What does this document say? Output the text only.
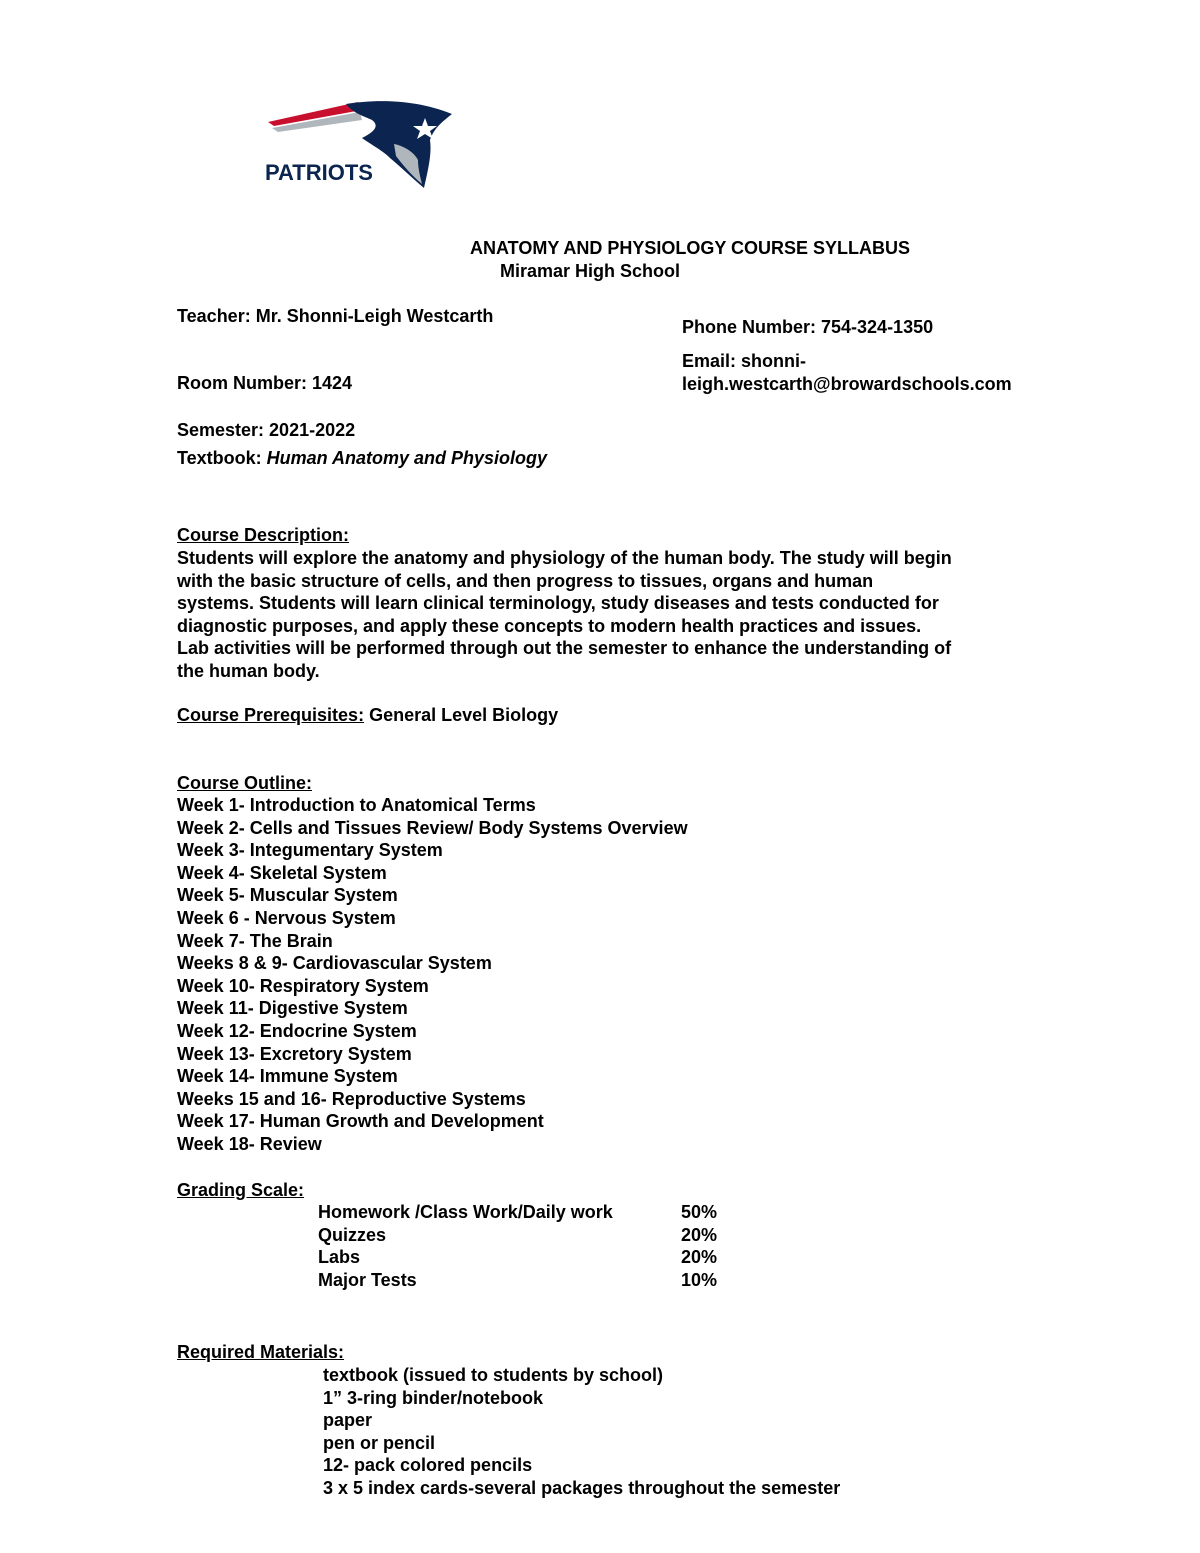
PATRIOTS
ANATOMY AND PHYSIOLOGY COURSE SYLLABUS
Miramar High School
Teacher: Mr. Shonni-Leigh Westcarth
Phone Number: 754-324-1350
Email: shonni-
leigh.westcarth@browardschools.com
Room Number: 1424
Semester: 2021-2022
Textbook: Human Anatomy and Physiology
Course Description:
Students will explore the anatomy and physiology of the human body. The study will begin
with the basic structure of cells, and then progress to tissues, organs and human
systems. Students will learn clinical terminology, study diseases and tests conducted for
diagnostic purposes, and apply these concepts to modern health practices and issues.
Lab activities will be performed through out the semester to enhance the understanding of
the human body.
Course Prerequisites: General Level Biology
Course Outline:
Week 1- Introduction to Anatomical Terms
Week 2- Cells and Tissues Review/ Body Systems Overview
Week 3- Integumentary System
Week 4- Skeletal System
Week 5- Muscular System
Week 6 - Nervous System
Week 7- The Brain
Weeks 8 & 9- Cardiovascular System
Week 10- Respiratory System
Week 11- Digestive System
Week 12- Endocrine System
Week 13- Excretory System
Week 14- Immune System
Weeks 15 and 16- Reproductive Systems
Week 17- Human Growth and Development
Week 18- Review
Grading Scale:
Homework /Class Work/Daily work	50%
Quizzes	20%
Labs	20%
Major Tests	10%
Required Materials:
textbook (issued to students by school)
1” 3-ring binder/notebook
paper
pen or pencil
12- pack colored pencils
3 x 5 index cards-several packages throughout the semester
